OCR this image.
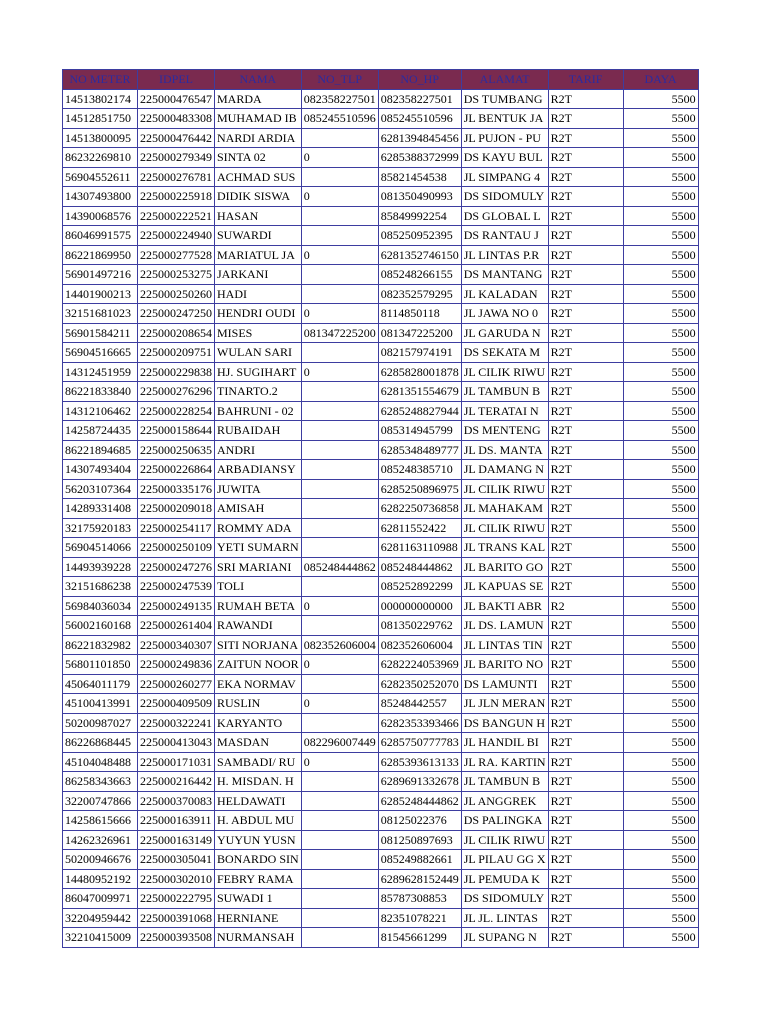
NO METER	IDPEL	NAMA	NO_TLP	NO_HP	ALAMAT	TARIF	DAYA
14513802174	225000476547	MARDA	082358227501	082358227501	DS TUMBANG	R2T	5500
14512851750	225000483308	MUHAMAD IB	085245510596	085245510596	JL BENTUK JA	R2T	5500
14513800095	225000476442	NARDI ARDIA		6281394845456	JL PUJON - PU	R2T	5500
86232269810	225000279349	SINTA 02	0	6285388372999	DS KAYU BUL	R2T	5500
56904552611	225000276781	ACHMAD SUS		85821454538	JL SIMPANG 4	R2T	5500
14307493800	225000225918	DIDIK SISWA	0	081350490993	DS SIDOMULY	R2T	5500
14390068576	225000222521	HASAN		85849992254	DS GLOBAL L	R2T	5500
86046991575	225000224940	SUWARDI		085250952395	DS RANTAU J	R2T	5500
86221869950	225000277528	MARIATUL JA	0	6281352746150	JL LINTAS P.R	R2T	5500
56901497216	225000253275	JARKANI		085248266155	DS MANTANG	R2T	5500
14401900213	225000250260	HADI		082352579295	JL KALADAN	R2T	5500
32151681023	225000247250	HENDRI OUDI	0	8114850118	JL JAWA NO 0	R2T	5500
56901584211	225000208654	MISES	081347225200	081347225200	JL GARUDA N	R2T	5500
56904516665	225000209751	WULAN SARI		082157974191	DS SEKATA M	R2T	5500
14312451959	225000229838	HJ. SUGIHART	0	6285828001878	JL CILIK RIWU	R2T	5500
86221833840	225000276296	TINARTO.2		6281351554679	JL TAMBUN B	R2T	5500
14312106462	225000228254	BAHRUNI - 02		6285248827944	JL TERATAI N	R2T	5500
14258724435	225000158644	RUBAIDAH		085314945799	DS MENTENG	R2T	5500
86221894685	225000250635	ANDRI		6285348489777	JL DS. MANTA	R2T	5500
14307493404	225000226864	ARBADIANSY		085248385710	JL DAMANG N	R2T	5500
56203107364	225000335176	JUWITA		6285250896975	JL CILIK RIWU	R2T	5500
14289331408	225000209018	AMISAH		6282250736858	JL MAHAKAM	R2T	5500
32175920183	225000254117	ROMMY ADA		62811552422	JL CILIK RIWU	R2T	5500
56904514066	225000250109	YETI SUMARN		6281163110988	JL TRANS KAL	R2T	5500
14493939228	225000247276	SRI MARIANI	085248444862	085248444862	JL BARITO GO	R2T	5500
32151686238	225000247539	TOLI		085252892299	JL KAPUAS SE	R2T	5500
56984036034	225000249135	RUMAH BETA	0	000000000000	JL BAKTI ABR	R2	5500
56002160168	225000261404	RAWANDI		081350229762	JL DS. LAMUN	R2T	5500
86221832982	225000340307	SITI NORJANA	082352606004	082352606004	JL LINTAS TIN	R2T	5500
56801101850	225000249836	ZAITUN NOOR	0	6282224053969	JL BARITO NO	R2T	5500
45064011179	225000260277	EKA NORMAV		6282350252070	DS LAMUNTI	R2T	5500
45100413991	225000409509	RUSLIN	0	85248442557	JL JLN MERAN	R2T	5500
50200987027	225000322241	KARYANTO		6282353393466	DS BANGUN H	R2T	5500
86226868445	225000413043	MASDAN	082296007449	6285750777783	JL HANDIL BI	R2T	5500
45104048488	225000171031	SAMBADI/ RU	0	6285393613133	JL RA. KARTIN	R2T	5500
86258343663	225000216442	H. MISDAN. H		6289691332678	JL TAMBUN B	R2T	5500
32200747866	225000370083	HELDAWATI		6285248444862	JL ANGGREK	R2T	5500
14258615666	225000163911	H. ABDUL MU		08125022376	DS PALINGKA	R2T	5500
14262326961	225000163149	YUYUN YUSN		081250897693	JL CILIK RIWU	R2T	5500
50200946676	225000305041	BONARDO SIN		085249882661	JL PILAU GG X	R2T	5500
14480952192	225000302010	FEBRY RAMA		6289628152449	JL PEMUDA K	R2T	5500
86047009971	225000222795	SUWADI 1		85787308853	DS SIDOMULY	R2T	5500
32204959442	225000391068	HERNIANE		82351078221	JL JL. LINTAS	R2T	5500
32210415009	225000393508	NURMANSAH		81545661299	JL SUPANG N	R2T	5500
